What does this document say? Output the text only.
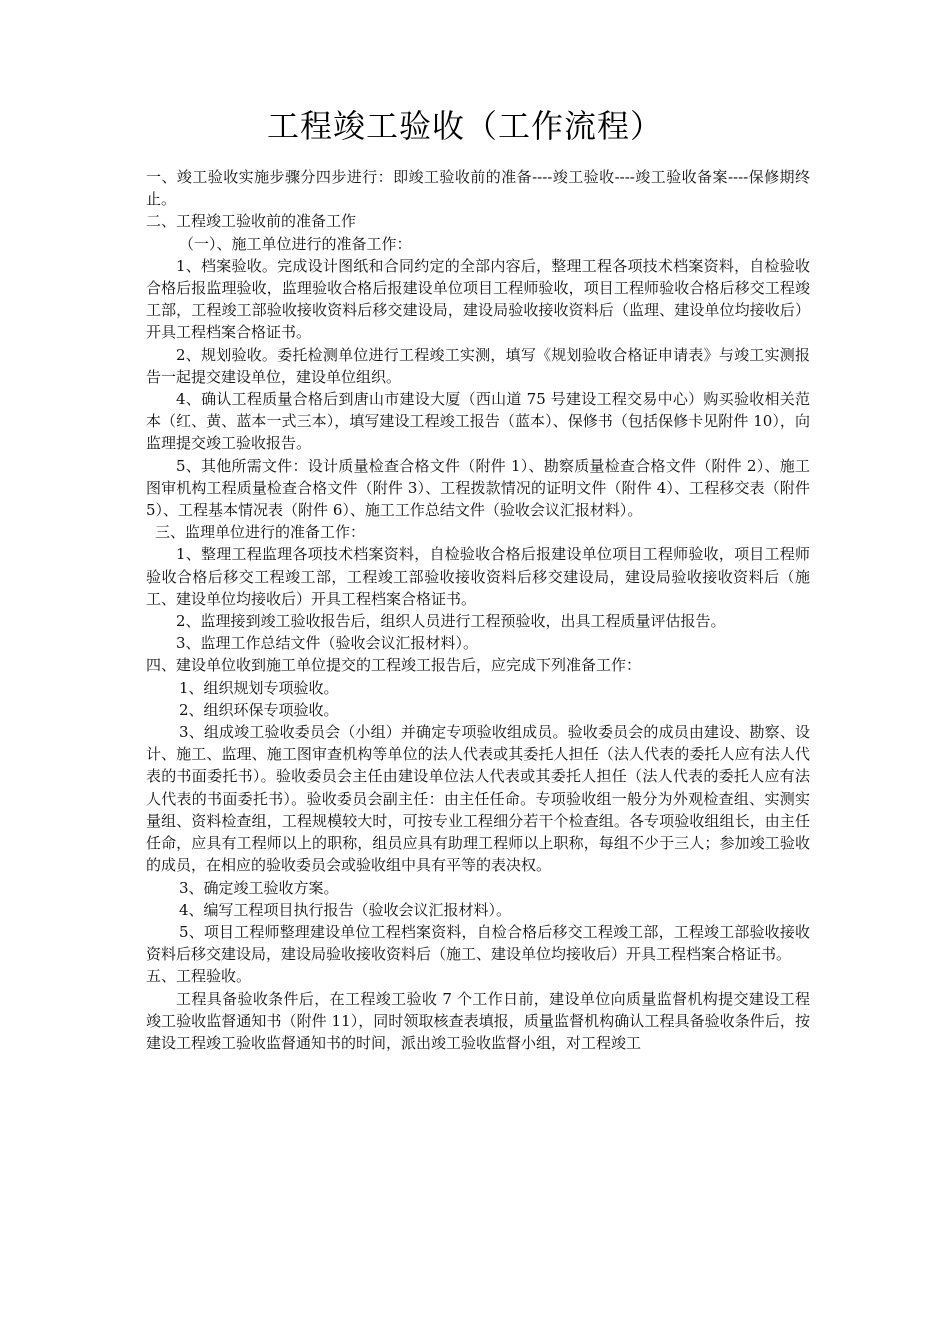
工程竣工验收（工作流程）

一、竣工验收实施步骤分四步进行：即竣工验收前的准备----竣工验收----竣工验收备案----保修期终止。

二、工程竣工验收前的准备工作

（一）、施工单位进行的准备工作：

1、档案验收。完成设计图纸和合同约定的全部内容后，整理工程各项技术档案资料，自检验收合格后报监理验收，监理验收合格后报建设单位项目工程师验收，项目工程师验收合格后移交工程竣工部，工程竣工部验收接收资料后移交建设局，建设局验收接收资料后（监理、建设单位均接收后）开具工程档案合格证书。

2、规划验收。委托检测单位进行工程竣工实测，填写《规划验收合格证申请表》与竣工实测报告一起提交建设单位，建设单位组织。

4、确认工程质量合格后到唐山市建设大厦（西山道 75 号建设工程交易中心）购买验收相关范本（红、黄、蓝本一式三本），填写建设工程竣工报告（蓝本）、保修书（包括保修卡见附件 10），向监理提交竣工验收报告。

5、其他所需文件：设计质量检查合格文件（附件 1）、勘察质量检查合格文件（附件 2）、施工图审机构工程质量检查合格文件（附件 3）、工程拨款情况的证明文件（附件 4）、工程移交表（附件 5）、工程基本情况表（附件 6）、施工工作总结文件（验收会议汇报材料）。

三、监理单位进行的准备工作：

1、整理工程监理各项技术档案资料，自检验收合格后报建设单位项目工程师验收，项目工程师验收合格后移交工程竣工部，工程竣工部验收接收资料后移交建设局，建设局验收接收资料后（施工、建设单位均接收后）开具工程档案合格证书。

2、监理接到竣工验收报告后，组织人员进行工程预验收，出具工程质量评估报告。

3、监理工作总结文件（验收会议汇报材料）。

四、建设单位收到施工单位提交的工程竣工报告后，应完成下列准备工作：

1、组织规划专项验收。

2、组织环保专项验收。

3、组成竣工验收委员会（小组）并确定专项验收组成员。验收委员会的成员由建设、勘察、设计、施工、监理、施工图审查机构等单位的法人代表或其委托人担任（法人代表的委托人应有法人代表的书面委托书）。验收委员会主任由建设单位法人代表或其委托人担任（法人代表的委托人应有法人代表的书面委托书）。验收委员会副主任：由主任任命。专项验收组一般分为外观检查组、实测实量组、资料检查组，工程规模较大时，可按专业工程细分若干个检查组。各专项验收组组长，由主任任命，应具有工程师以上的职称，组员应具有助理工程师以上职称，每组不少于三人；参加竣工验收的成员，在相应的验收委员会或验收组中具有平等的表决权。

3、确定竣工验收方案。

4、编写工程项目执行报告（验收会议汇报材料）。

5、项目工程师整理建设单位工程档案资料，自检合格后移交工程竣工部，工程竣工部验收接收资料后移交建设局，建设局验收接收资料后（施工、建设单位均接收后）开具工程档案合格证书。

五、工程验收。

工程具备验收条件后，在工程竣工验收 7 个工作日前，建设单位向质量监督机构提交建设工程竣工验收监督通知书（附件 11），同时领取核查表填报，质量监督机构确认工程具备验收条件后，按建设工程竣工验收监督通知书的时间，派出竣工验收监督小组，对工程竣工
